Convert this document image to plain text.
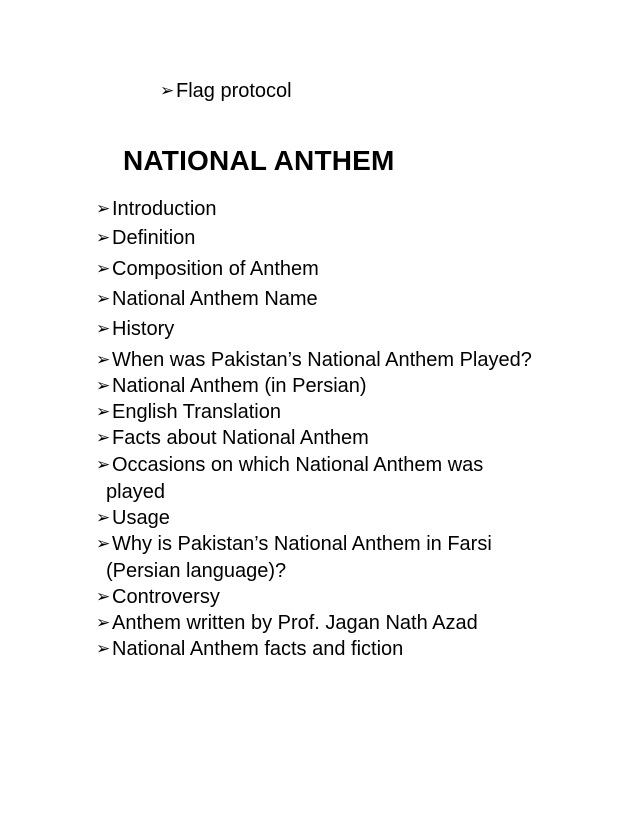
➢ Flag protocol
NATIONAL ANTHEM
➢ Introduction
➢ Definition
➢ Composition of Anthem
➢ National Anthem Name
➢ History
➢ When was Pakistan’s National Anthem Played?
➢ National Anthem (in Persian)
➢ English Translation
➢ Facts about National Anthem
➢ Occasions on which National Anthem was
played
➢ Usage
➢ Why is Pakistan’s National Anthem in Farsi
(Persian language)?
➢ Controversy
➢ Anthem written by Prof. Jagan Nath Azad
➢ National Anthem facts and fiction
